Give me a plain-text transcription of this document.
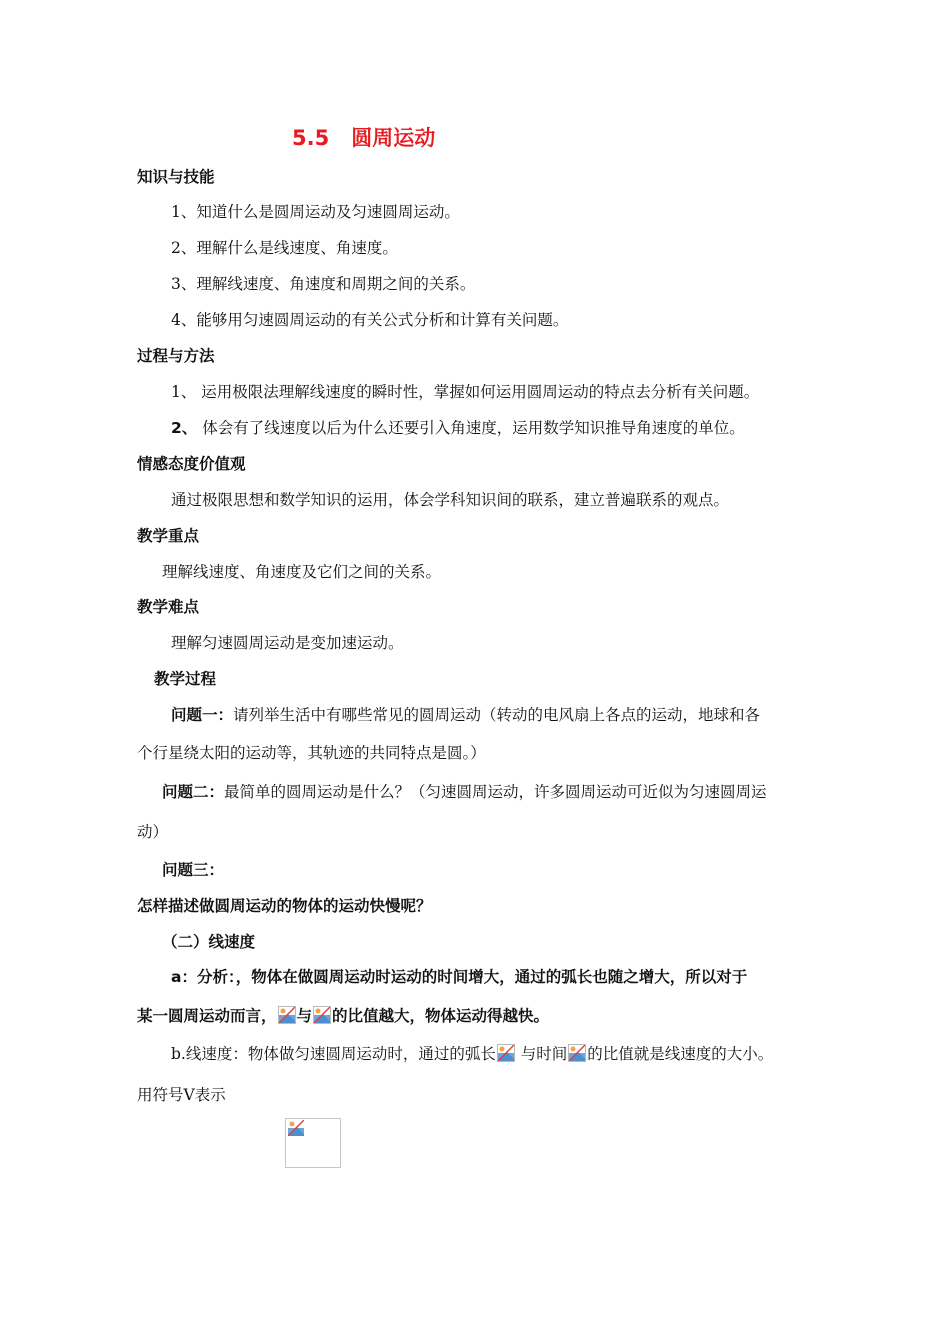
5.5 圆周运动
知识与技能
1、知道什么是圆周运动及匀速圆周运动。
2、理解什么是线速度、角速度。
3、理解线速度、角速度和周期之间的关系。
4、能够用匀速圆周运动的有关公式分析和计算有关问题。
过程与方法
1、 运用极限法理解线速度的瞬时性，掌握如何运用圆周运动的特点去分析有关问题。
2、 体会有了线速度以后为什么还要引入角速度，运用数学知识推导角速度的单位。
情感态度价值观
通过极限思想和数学知识的运用，体会学科知识间的联系，建立普遍联系的观点。
教学重点
理解线速度、角速度及它们之间的关系。
教学难点
理解匀速圆周运动是变加速运动。
教学过程
问题一：请列举生活中有哪些常见的圆周运动（转动的电风扇上各点的运动，地球和各
个行星绕太阳的运动等，其轨迹的共同特点是圆。）
问题二：最简单的圆周运动是什么？（匀速圆周运动，许多圆周运动可近似为匀速圆周运
动）
问题三：
怎样描述做圆周运动的物体的运动快慢呢？
（二）线速度
a：分析：，物体在做圆周运动时运动的时间增大，通过的弧长也随之增大，所以对于
某一圆周运动而言， 与 的比值越大，物体运动得越快。
b.线速度：物体做匀速圆周运动时，通过的弧长
与时间 的比值就是线速度的大小。
用符号V表示
